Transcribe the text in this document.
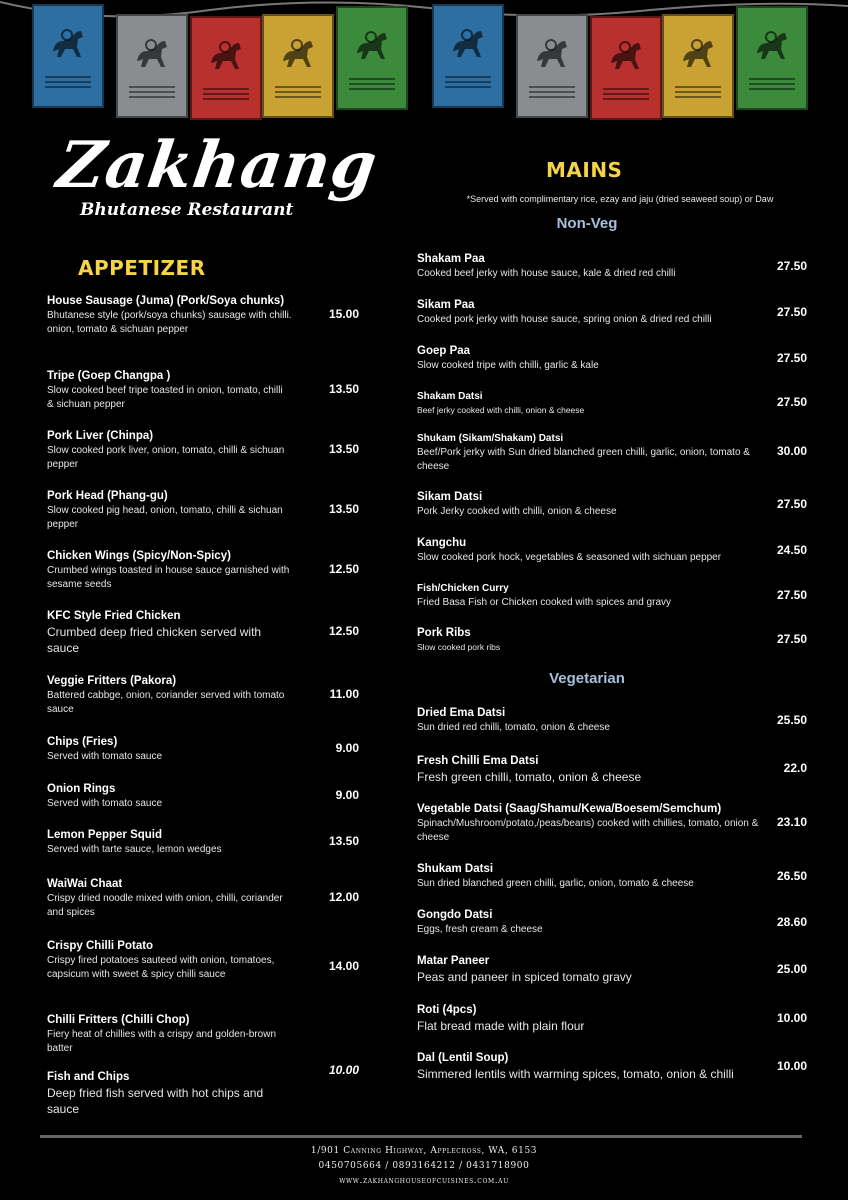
Zakhang
Bhutanese Restaurant
APPETIZER
House Sausage (Juma) (Pork/Soya chunks)
Bhutanese style (pork/soya chunks) sausage with chilli. onion, tomato & sichuan pepper
15.00
Tripe (Goep Changpa )
Slow cooked beef tripe toasted in onion, tomato, chilli & sichuan pepper
13.50
Pork Liver (Chinpa)
Slow cooked pork liver, onion, tomato, chilli & sichuan pepper
13.50
Pork Head (Phang-gu)
Slow cooked pig head, onion, tomato, chilli & sichuan pepper
13.50
Chicken Wings (Spicy/Non-Spicy)
Crumbed wings toasted in house sauce garnished with sesame seeds
12.50
KFC Style Fried Chicken
Crumbed deep fried chicken served with sauce
12.50
Veggie Fritters (Pakora)
Battered cabbge, onion, coriander served with tomato sauce
11.00
Chips (Fries)
Served with tomato sauce
9.00
Onion Rings
Served with tomato sauce
9.00
Lemon Pepper Squid
Served with tarte sauce, lemon wedges
13.50
WaiWai Chaat
Crispy dried noodle mixed with onion, chilli, coriander and spices
12.00
Crispy Chilli Potato
Crispy fired potatoes sauteed with onion, tomatoes, capsicum with sweet & spicy chilli sauce
14.00
Chilli Fritters (Chilli Chop)
Fiery heat of chillies with a crispy and golden-brown batter
Fish and Chips
Deep fried fish served with hot chips and sauce
10.00
MAINS
*Served with complimentary rice, ezay and jaju (dried seaweed soup) or Daw
Non-Veg
Shakam Paa
Cooked beef jerky with house sauce, kale & dried red chilli
27.50
Sikam Paa
Cooked pork jerky with house sauce, spring onion & dried red chilli
27.50
Goep Paa
Slow cooked tripe with chilli, garlic & kale
27.50
Shakam Datsi
Beef jerky cooked with chilli, onion & cheese
27.50
Shukam (Sikam/Shakam) Datsi
Beef/Pork jerky with Sun dried blanched green chilli, garlic, onion, tomato & cheese
30.00
Sikam Datsi
Pork Jerky cooked with chilli, onion & cheese
27.50
Kangchu
Slow cooked pork hock, vegetables & seasoned with sichuan pepper
24.50
Fish/Chicken Curry
Fried Basa Fish or Chicken cooked with spices and gravy
27.50
Pork Ribs
Slow cooked pork ribs
27.50
Vegetarian
Dried Ema Datsi
Sun dried red chilli, tomato, onion & cheese
25.50
Fresh Chilli Ema Datsi
Fresh green chilli, tomato, onion & cheese
22.0
Vegetable Datsi (Saag/Shamu/Kewa/Boesem/Semchum)
Spinach/Mushroom/potato,/peas/beans) cooked with chillies, tomato, onion & cheese
23.10
Shukam Datsi
Sun dried blanched green chilli, garlic, onion, tomato & cheese
26.50
Gongdo Datsi
Eggs, fresh cream & cheese
28.60
Matar Paneer
Peas and paneer in spiced tomato gravy
25.00
Roti (4pcs)
Flat bread made with plain flour
10.00
Dal (Lentil Soup)
Simmered lentils with warming spices, tomato, onion & chilli
10.00
1/901 Canning Highway, Applecross, WA, 6153
0450705664 / 0893164212 / 0431718900
www.zakhanghouseofcuisines.com.au
